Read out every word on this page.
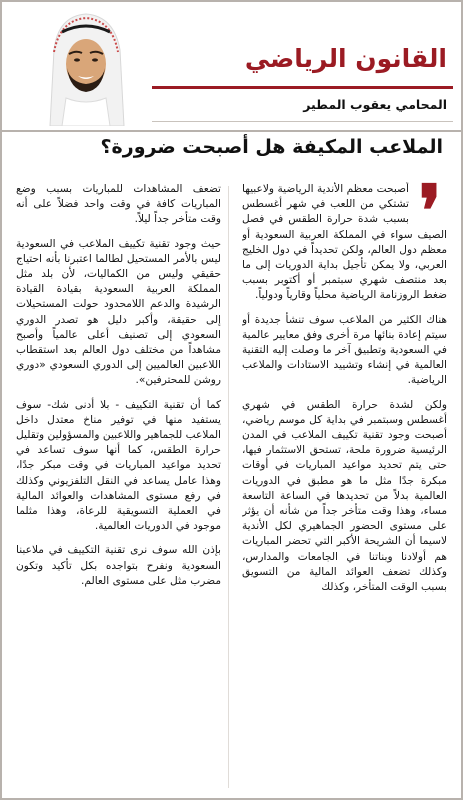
القانون الرياضي
المحامي يعقوب المطير
الملاعب المكيفة هل أصبحت ضرورة؟
❜

أصبحت معظم الأندية الرياضية ولاعبيها تشتكي من اللعب في شهر أغسطس بسبب شدة حرارة الطقس في فصل الصيف سواء في المملكة العربية السعودية أو معظم دول العالم، ولكن تحديداً في دول الخليج العربي، ولا يمكن تأجيل بداية الدوريات إلى ما بعد منتصف شهري سبتمبر أو أكتوبر بسبب ضغط الروزنامة الرياضية محلياً وقارياً ودولياً.

هناك الكثير من الملاعب سوف تنشأ جديدة أو سيتم إعادة بنائها مرة أخرى وفق معايير عالمية في السعودية وتطبيق آخر ما وصلت إليه التقنية العالمية في إنشاء وتشييد الاستادات والملاعب الرياضية.

ولكن لشدة حرارة الطقس في شهري أغسطس وسبتمبر في بداية كل موسم رياضي، أصبحت وجود تقنية تكييف الملاعب في المدن الرئيسية ضرورة ملحة، تستحق الاستثمار فيها، حتى يتم تحديد مواعيد المباريات في أوقات مبكرة جدًا مثل ما هو مطبق في الدوريات العالمية بدلاً من تحديدها في الساعة التاسعة مساء، وهذا وقت متأخر جداً من شأنه أن يؤثر على مستوى الحضور الجماهيري لكل الأندية لاسيما أن الشريحة الأكبر التي تحضر المباريات هم أولادنا وبناتنا في الجامعات والمدارس، وكذلك تضعف العوائد المالية من التسويق بسبب الوقت المتأخر، وكذلك

تضعف المشاهدات للمباريات بسبب وضع المباريات كافة في وقت واحد فضلاً على أنه وقت متأخر جداً ليلاً.

حيث وجود تقنية تكييف الملاعب في السعودية ليس بالأمر المستحيل لطالما اعتبرنا بأنه احتياج حقيقي وليس من الكماليات، لأن بلد مثل المملكة العربية السعودية بقيادة القيادة الرشيدة والدعم اللامحدود حولت المستحيلات إلى حقيقة، وأكبر دليل هو تصدر الدوري السعودي إلى تصنيف أعلى عالمياً وأصبح مشاهداً من مختلف دول العالم بعد استقطاب اللاعبين العالميين إلى الدوري السعودي «دوري روشن للمحترفين».

كما أن تقنية التكييف - بلا أدنى شك- سوف يستفيد منها في توفير مناخ معتدل داخل الملاعب للجماهير واللاعبين والمسؤولين وتقليل حرارة الطقس، كما أنها سوف تساعد في تحديد مواعيد المباريات في وقت مبكر جدًا، وهذا عامل يساعد في النقل التلفزيوني وكذلك في رفع مستوى المشاهدات والعوائد المالية في العملية التسويقية للرعاة، وهذا مثلما موجود في الدوريات العالمية.

بإذن الله سوف نرى تقنية التكييف في ملاعبنا السعودية ونفرح بتواجده بكل تأكيد وتكون مضرب مثل على مستوى العالم.
